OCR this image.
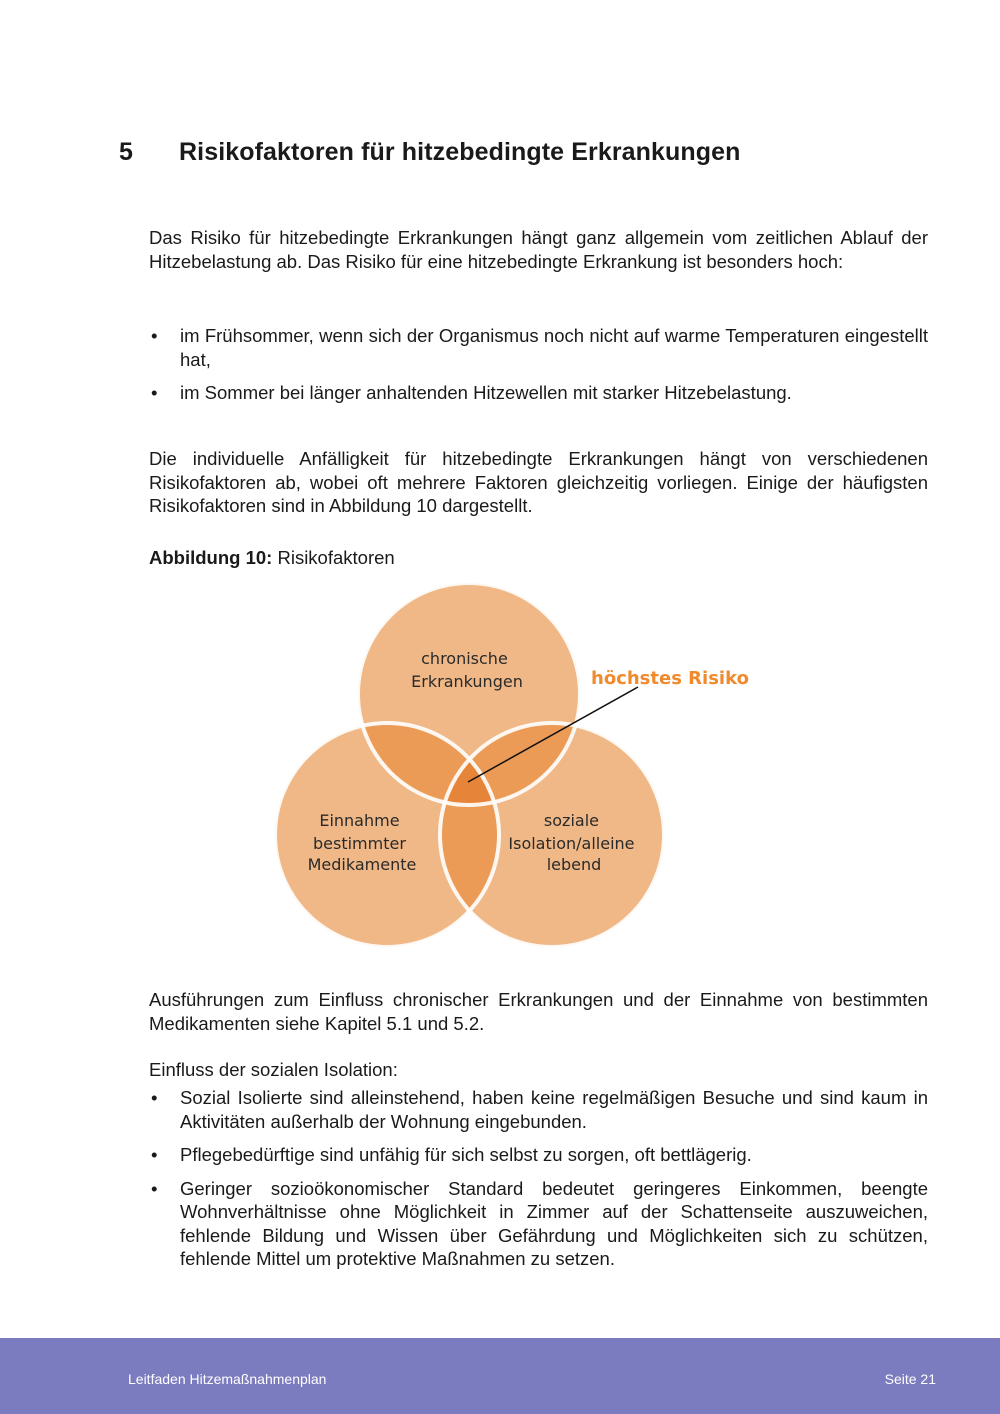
5 Risikofaktoren für hitzebedingte Erkrankungen

Das Risiko für hitzebedingte Erkrankungen hängt ganz allgemein vom zeitlichen Ablauf der Hitzebelastung ab. Das Risiko für eine hitzebedingte Erkrankung ist besonders hoch:

• im Frühsommer, wenn sich der Organismus noch nicht auf warme Temperaturen eingestellt hat,
• im Sommer bei länger anhaltenden Hitzewellen mit starker Hitzebelastung.

Die individuelle Anfälligkeit für hitzebedingte Erkrankungen hängt von verschiedenen Risikofaktoren ab, wobei oft mehrere Faktoren gleichzeitig vorliegen. Einige der häufigsten Risikofaktoren sind in Abbildung 10 dargestellt.

Abbildung 10: Risikofaktoren
chronische Erkrankungen
Einnahme bestimmter Medikamente
soziale Isolation/alleine lebend
höchstes Risiko

Ausführungen zum Einfluss chronischer Erkrankungen und der Einnahme von bestimmten Medikamenten siehe Kapitel 5.1 und 5.2.

Einfluss der sozialen Isolation:
• Sozial Isolierte sind alleinstehend, haben keine regelmäßigen Besuche und sind kaum in Aktivitäten außerhalb der Wohnung eingebunden.
• Pflegebedürftige sind unfähig für sich selbst zu sorgen, oft bettlägerig.
• Geringer sozioökonomischer Standard bedeutet geringeres Einkommen, beengte Wohnverhältnisse ohne Möglichkeit in Zimmer auf der Schattenseite auszuweichen, fehlende Bildung und Wissen über Gefährdung und Möglichkeiten sich zu schützen, fehlende Mittel um protektive Maßnahmen zu setzen.
Leitfaden Hitzemaßnahmenplan	Seite 21
